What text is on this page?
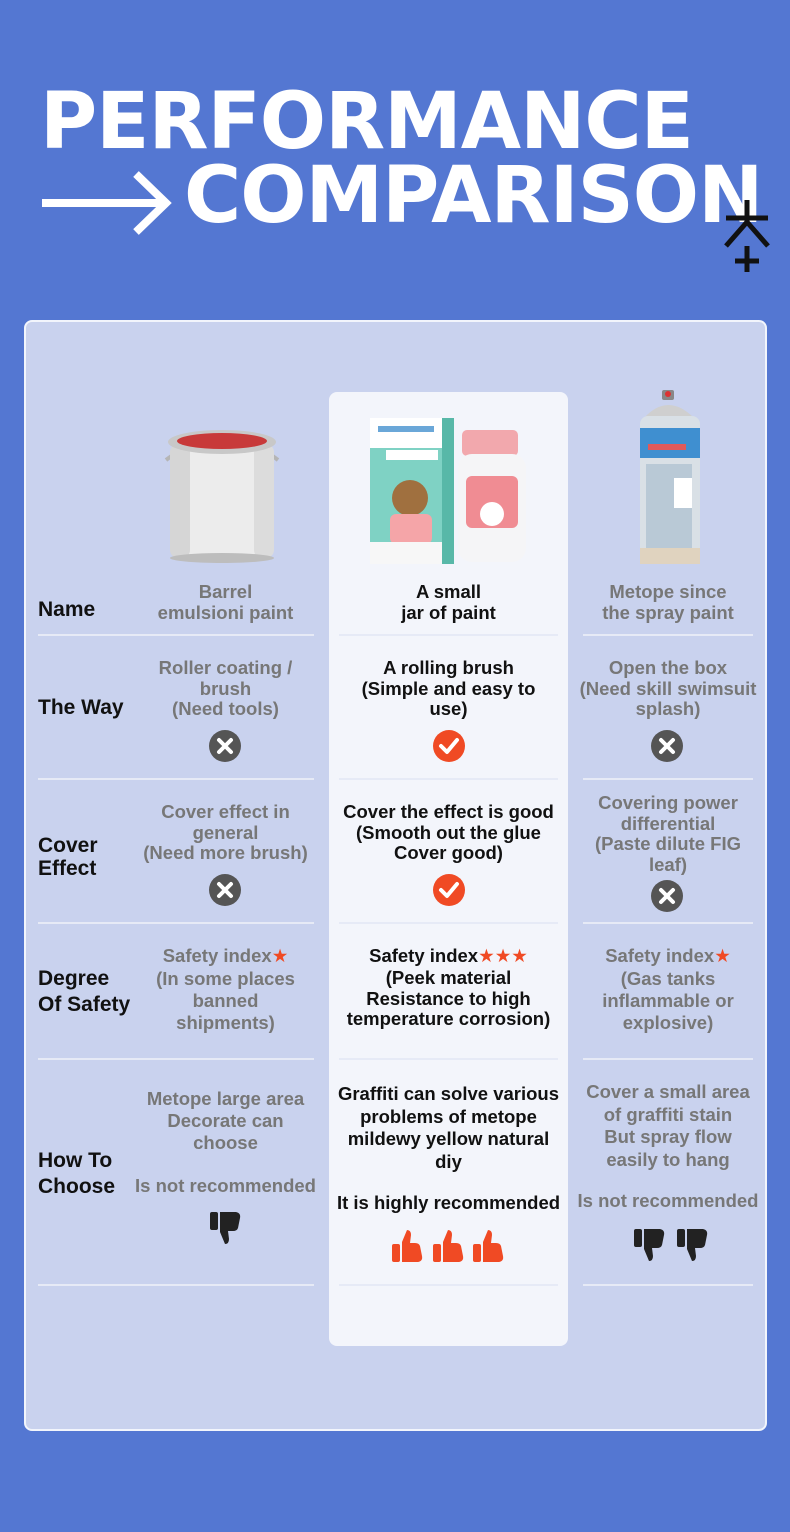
PERFORMANCE
COMPARISON
Name
Barrel
emulsioni paint
A small
jar of paint
Metope since
the spray paint
The Way
Roller coating /
brush
(Need tools)
A rolling brush
(Simple and easy to
use)
Open the box
(Need skill swimsuit
splash)
Cover
Effect
Cover effect in
general
(Need more brush)
Cover the effect is good
(Smooth out the glue
Cover good)
Covering power
differential
(Paste dilute FIG
leaf)
Degree
Of Safety
Safety index★
(In some places
banned
shipments)
Safety index★★★
(Peek material
Resistance to high
temperature corrosion)
Safety index★
(Gas tanks
inflammable or
explosive)
How To
Choose
Metope large area
Decorate can
choose
Is not recommended
Graffiti can solve various
problems of metope
mildewy yellow natural
diy
It is highly recommended
Cover a small area
of graffiti stain
But spray flow
easily to hang
Is not recommended
